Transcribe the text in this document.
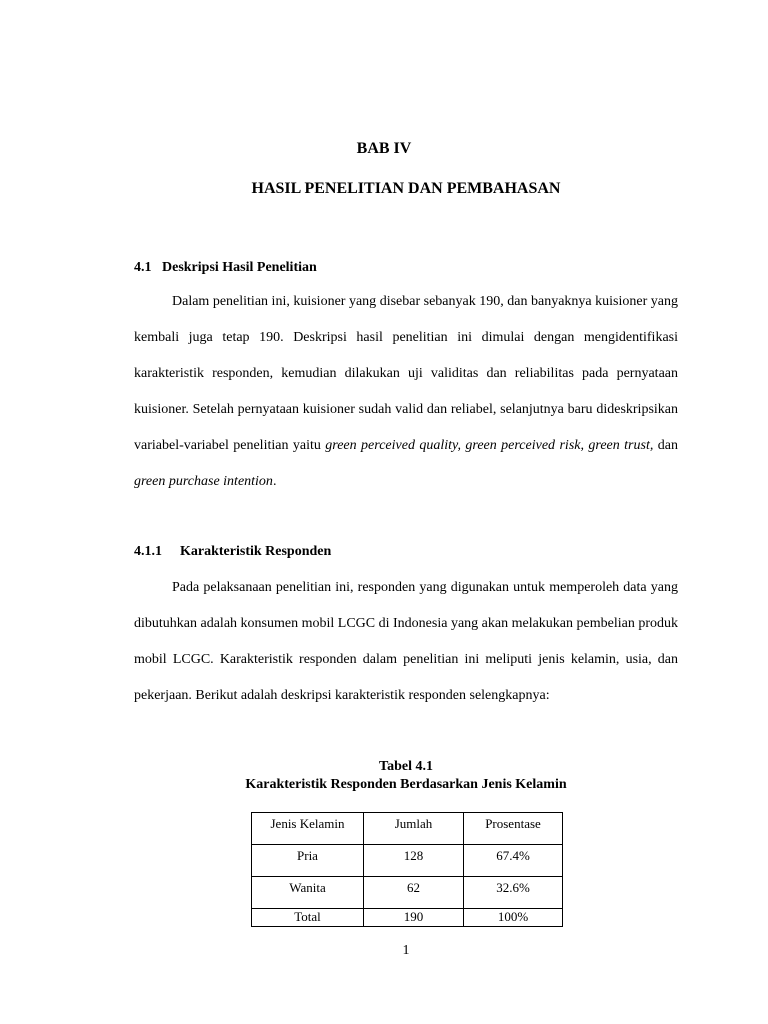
BAB IV
HASIL PENELITIAN DAN PEMBAHASAN
4.1 Deskripsi Hasil Penelitian
Dalam penelitian ini, kuisioner yang disebar sebanyak 190, dan banyaknya kuisioner yang kembali juga tetap 190. Deskripsi hasil penelitian ini dimulai dengan mengidentifikasi karakteristik responden, kemudian dilakukan uji validitas dan reliabilitas pada pernyataan kuisioner. Setelah pernyataan kuisioner sudah valid dan reliabel, selanjutnya baru dideskripsikan variabel-variabel penelitian yaitu green perceived quality, green perceived risk, green trust, dan green purchase intention.
4.1.1 Karakteristik Responden
Pada pelaksanaan penelitian ini, responden yang digunakan untuk memperoleh data yang dibutuhkan adalah konsumen mobil LCGC di Indonesia yang akan melakukan pembelian produk mobil LCGC. Karakteristik responden dalam penelitian ini meliputi jenis kelamin, usia, dan pekerjaan. Berikut adalah deskripsi karakteristik responden selengkapnya:
Tabel 4.1
Karakteristik Responden Berdasarkan Jenis Kelamin
Jenis Kelamin	Jumlah	Prosentase
Pria	128	67.4%
Wanita	62	32.6%
Total	190	100%
1
